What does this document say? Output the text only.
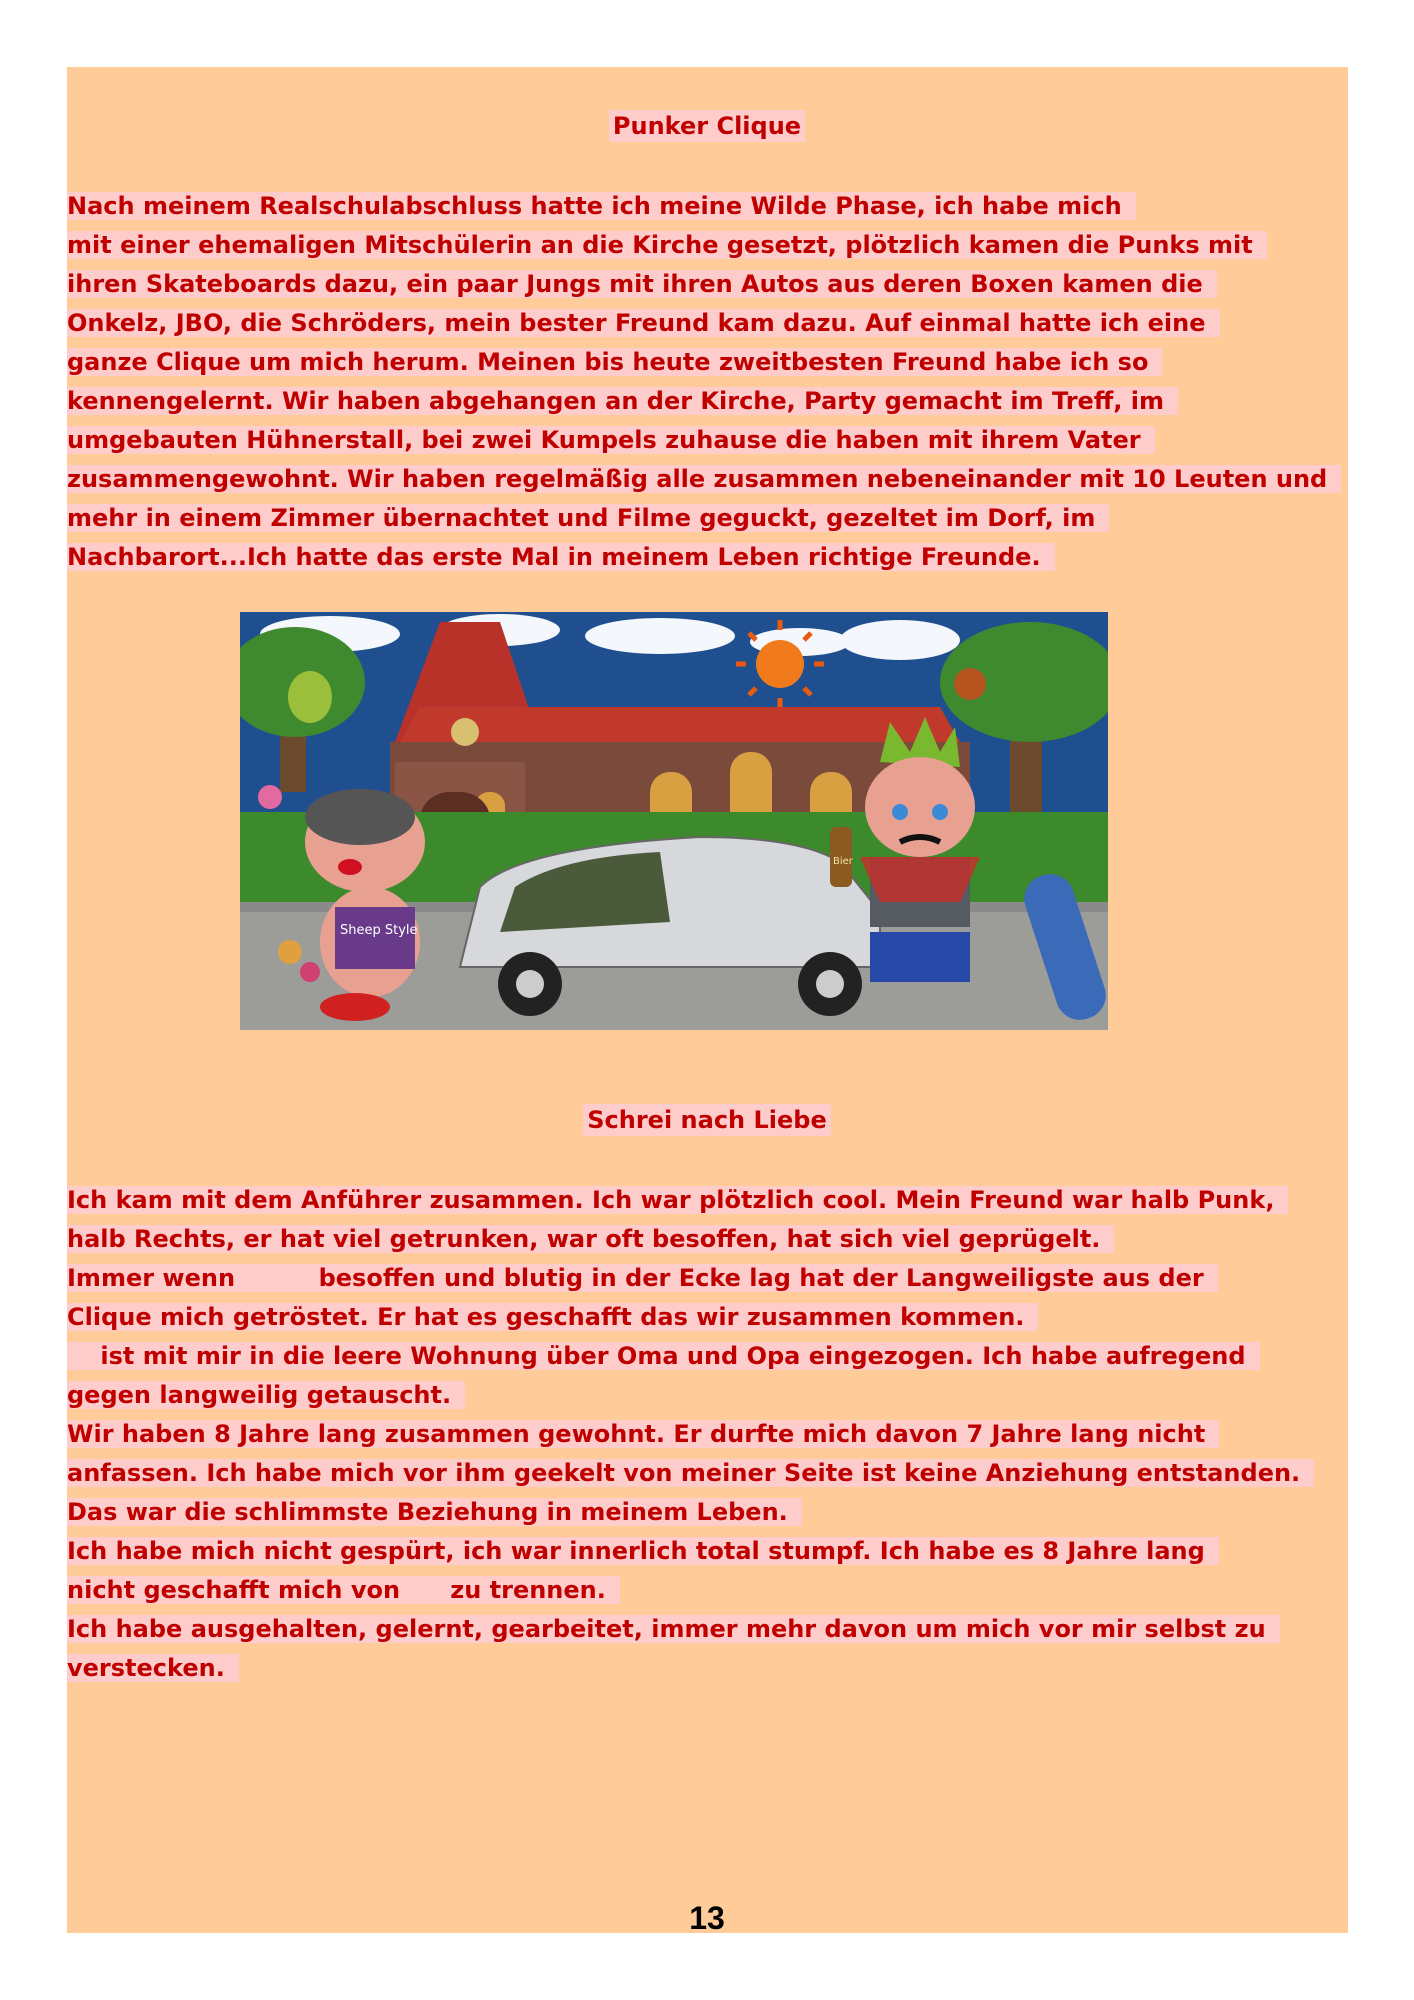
Punker Clique
Nach meinem Realschulabschluss hatte ich meine Wilde Phase, ich habe mich
mit einer ehemaligen Mitschülerin an die Kirche gesetzt, plötzlich kamen die Punks mit
ihren Skateboards dazu, ein paar Jungs mit ihren Autos aus deren Boxen kamen die
Onkelz, JBO, die Schröders, mein bester Freund kam dazu. Auf einmal hatte ich eine
ganze Clique um mich herum. Meinen bis heute zweitbesten Freund habe ich so
kennengelernt. Wir haben abgehangen an der Kirche, Party gemacht im Treff, im
umgebauten Hühnerstall, bei zwei Kumpels zuhause die haben mit ihrem Vater
zusammengewohnt. Wir haben regelmäßig alle zusammen nebeneinander mit 10 Leuten und
mehr in einem Zimmer übernachtet und Filme geguckt, gezeltet im Dorf, im
Nachbarort...Ich hatte das erste Mal in meinem Leben richtige Freunde.
Sheep Style
Bier
Schrei nach Liebe
Ich kam mit dem Anführer zusammen. Ich war plötzlich cool. Mein Freund war halb Punk,
halb Rechts, er hat viel getrunken, war oft besoffen, hat sich viel geprügelt.
Immer wenn          besoffen und blutig in der Ecke lag hat der Langweiligste aus der
Clique mich getröstet. Er hat es geschafft das wir zusammen kommen.
ist mit mir in die leere Wohnung über Oma und Opa eingezogen. Ich habe aufregend
gegen langweilig getauscht.
Wir haben 8 Jahre lang zusammen gewohnt. Er durfte mich davon 7 Jahre lang nicht
anfassen. Ich habe mich vor ihm geekelt von meiner Seite ist keine Anziehung entstanden.
Das war die schlimmste Beziehung in meinem Leben.
Ich habe mich nicht gespürt, ich war innerlich total stumpf. Ich habe es 8 Jahre lang
nicht geschafft mich von      zu trennen.
Ich habe ausgehalten, gelernt, gearbeitet, immer mehr davon um mich vor mir selbst zu
verstecken.
13
